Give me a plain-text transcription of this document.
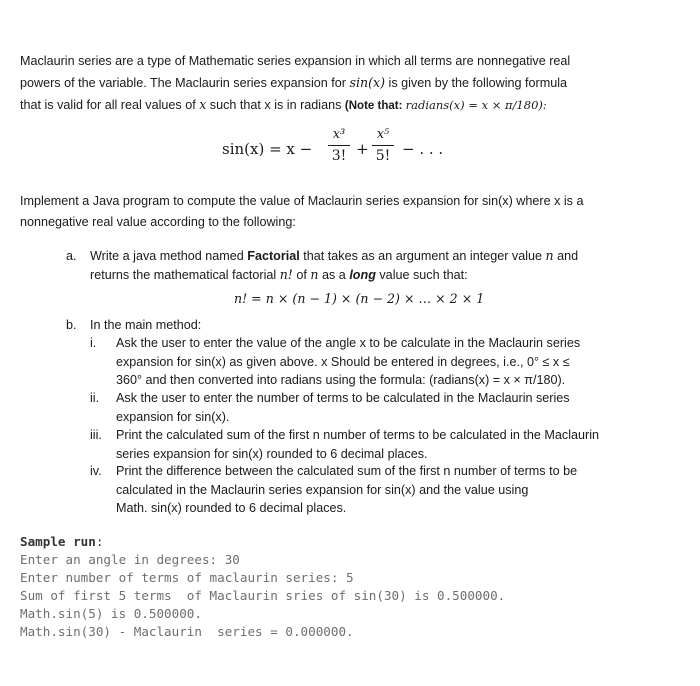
Maclaurin series are a type of Mathematic series expansion in which all terms are nonnegative real
powers of the variable. The Maclaurin series expansion for sin(x) is given by the following formula
that is valid for all real values of x such that x is in radians (Note that: radians(x) = x × π/180):
sin(x) = x −
x³
3! +
x⁵
5! − . . .
Implement a Java program to compute the value of Maclaurin series expansion for sin(x) where x is a
nonnegative real value according to the following:
a. Write a java method named Factorial that takes as an argument an integer value n and
returns the mathematical factorial n! of n as a long value such that:
n! = n × (n − 1) × (n − 2) × … × 2 × 1
b. In the main method:
i. Ask the user to enter the value of the angle x to be calculate in the Maclaurin series
expansion for sin(x) as given above. x Should be entered in degrees, i.e., 0° ≤ x ≤
360° and then converted into radians using the formula: (radians(x) = x × π/180).
ii. Ask the user to enter the number of terms to be calculated in the Maclaurin series
expansion for sin(x).
iii. Print the calculated sum of the first n number of terms to be calculated in the Maclaurin
series expansion for sin(x) rounded to 6 decimal places.
iv. Print the difference between the calculated sum of the first n number of terms to be
calculated in the Maclaurin series expansion for sin(x) and the value using
Math. sin(x) rounded to 6 decimal places.
Sample run:
Enter an angle in degrees: 30
Enter number of terms of maclaurin series: 5
Sum of first 5 terms  of Maclaurin sries of sin(30) is 0.500000.
Math.sin(5) is 0.500000.
Math.sin(30) - Maclaurin  series = 0.000000.
